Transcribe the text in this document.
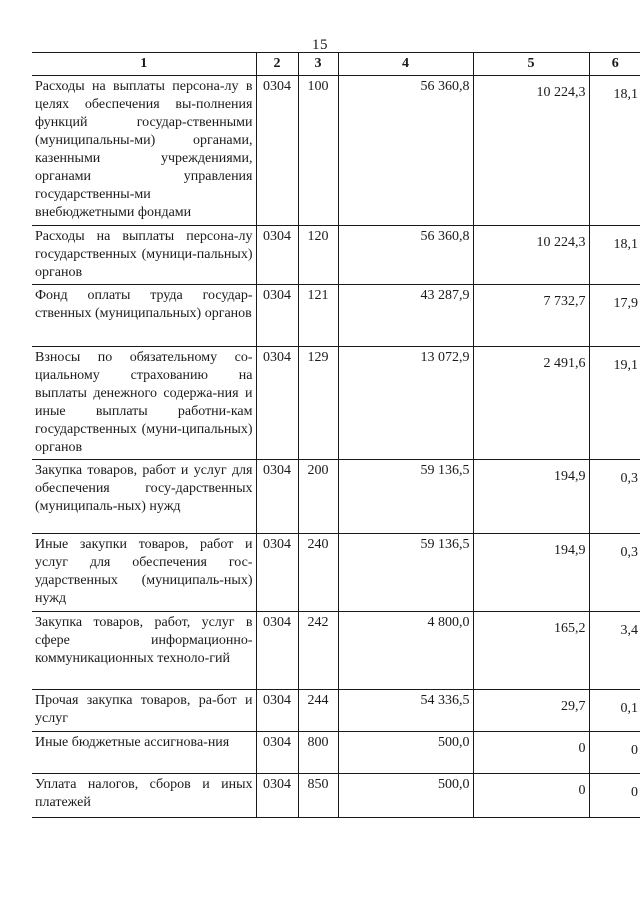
15
1	2	3	4	5	6
Расходы на выплаты персона-лу в целях обеспечения вы-полнения функций государ-ственными (муниципальны-ми) органами, казенными учреждениями, органами управления государственны-ми внебюджетными фондами	0304	100	56 360,8	10 224,3	18,1
Расходы на выплаты персона-лу государственных (муници-пальных) органов	0304	120	56 360,8	10 224,3	18,1
Фонд оплаты труда государ-ственных (муниципальных) органов	0304	121	43 287,9	7 732,7	17,9
Взносы по обязательному со-циальному страхованию на выплаты денежного содержа-ния и иные выплаты работни-кам государственных (муни-ципальных) органов	0304	129	13 072,9	2 491,6	19,1
Закупка товаров, работ и услуг для обеспечения госу-дарственных (муниципаль-ных) нужд	0304	200	59 136,5	194,9	0,3
Иные закупки товаров, работ и услуг для обеспечения гос-ударственных (муниципаль-ных) нужд	0304	240	59 136,5	194,9	0,3
Закупка товаров, работ, услуг в сфере информационно-коммуникационных техноло-гий	0304	242	4 800,0	165,2	3,4
Прочая закупка товаров, ра-бот и услуг	0304	244	54 336,5	29,7	0,1
Иные бюджетные ассигнова-ния	0304	800	500,0	0	0
Уплата налогов, сборов и иных платежей	0304	850	500,0	0	0
